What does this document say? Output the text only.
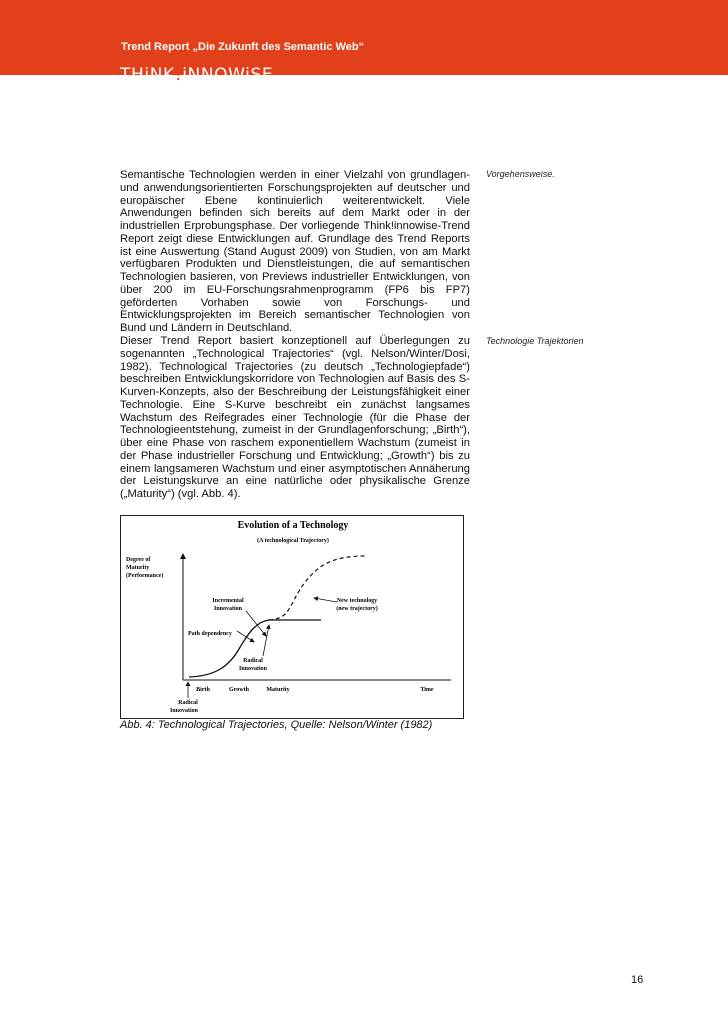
Trend Report „Die Zukunft des Semantic Web“
THiNK!iNNOWiSE

Semantische Technologien werden in einer Vielzahl von grundlagen- und anwendungsorientierten Forschungsprojekten auf deutscher und europäischer Ebene kontinuierlich weiterentwickelt. Viele Anwendungen befinden sich bereits auf dem Markt oder in der industriellen Erprobungsphase. Der vorliegende Think!innowise-Trend Report zeigt diese Entwicklungen auf. Grundlage des Trend Reports ist eine Auswertung (Stand August 2009) von Studien, von am Markt verfügbaren Produkten und Dienstleistungen, die auf semantischen Technologien basieren, von Previews industrieller Entwicklungen, von über 200 im EU-Forschungsrahmenprogramm (FP6 bis FP7) geförderten Vorhaben sowie von Forschungs- und Entwicklungsprojekten im Bereich semantischer Technologien von Bund und Ländern in Deutschland.

Dieser Trend Report basiert konzeptionell auf Überlegungen zu sogenannten „Technological Trajectories“ (vgl. Nelson/Winter/Dosi, 1982). Technological Trajectories (zu deutsch „Technologiepfade“) beschreiben Entwicklungskorridore von Technologien auf Basis des S-Kurven-Konzepts, also der Beschreibung der Leistungsfähigkeit einer Technologie. Eine S-Kurve beschreibt ein zunächst langsames Wachstum des Reifegrades einer Technologie (für die Phase der Technologieentstehung, zumeist in der Grundlagenforschung; „Birth“), über eine Phase von raschem exponentiellem Wachstum (zumeist in der Phase industrieller Forschung und Entwicklung; „Growth“) bis zu einem langsameren Wachstum und einer asymptotischen Annäherung der Leistungskurve an eine natürliche oder physikalische Grenze („Maturity“) (vgl. Abb. 4).

Vorgehensweise.
Technologie Trajektorien
Evolution of a Technology
(A technological Trajectory)
Degree of
Maturity
(Performance)
Incremental
Innovation
New technology
(new trajectory)
Path dependency
Radical
Innovation
Birth	Growth	Maturity	Time
Radical
Innovation
Abb. 4: Technological Trajectories, Quelle: Nelson/Winter (1982)
16
